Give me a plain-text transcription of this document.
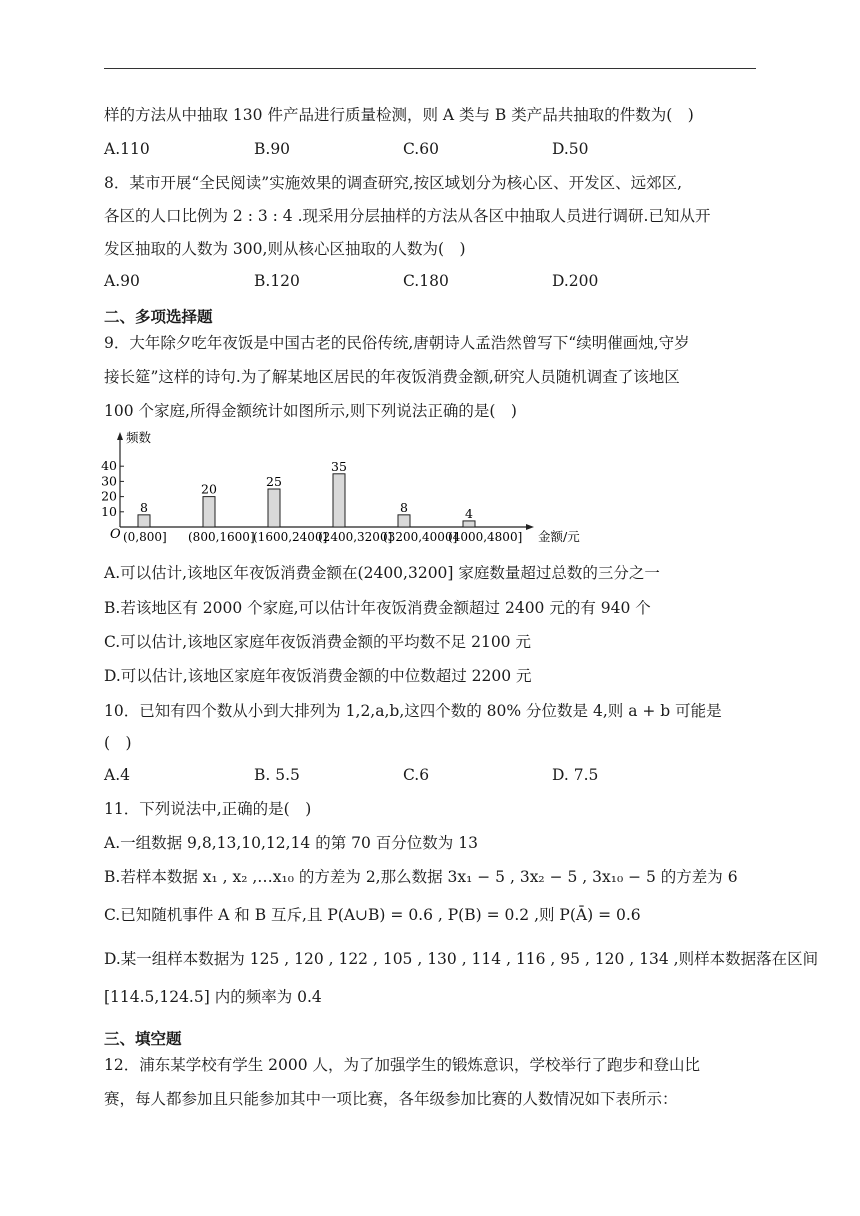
样的方法从中抽取 130 件产品进行质量检测，则 A 类与 B 类产品共抽取的件数为(　)
A.110	B.90	C.60	D.50
8．某市开展“全民阅读”实施效果的调查研究,按区域划分为核心区、开发区、远郊区,
各区的人口比例为 2 : 3 : 4 .现采用分层抽样的方法从各区中抽取人员进行调研.已知从开
发区抽取的人数为 300,则从核心区抽取的人数为(　)
A.90	B.120	C.180	D.200
二、多项选择题
9．大年除夕吃年夜饭是中国古老的民俗传统,唐朝诗人孟浩然曾写下“续明催画烛,守岁
接长筵”这样的诗句.为了解某地区居民的年夜饭消费金额,研究人员随机调查了该地区
100 个家庭,所得金额统计如图所示,则下列说法正确的是(　)
频数
O
10
20
30
40
8
(0,800]
20
(800,1600]
25
(1600,2400]
35
(2400,3200]
8
(3200,4000]
4
(4000,4800] 金额/元
A.可以估计,该地区年夜饭消费金额在(2400,3200] 家庭数量超过总数的三分之一
B.若该地区有 2000 个家庭,可以估计年夜饭消费金额超过 2400 元的有 940 个
C.可以估计,该地区家庭年夜饭消费金额的平均数不足 2100 元
D.可以估计,该地区家庭年夜饭消费金额的中位数超过 2200 元
10．已知有四个数从小到大排列为 1,2,a,b,这四个数的 80% 分位数是 4,则 a + b 可能是
(　)
A.4	B. 5.5	C.6	D. 7.5
11．下列说法中,正确的是(　)
A.一组数据 9,8,13,10,12,14 的第 70 百分位数为 13
B.若样本数据 x₁ , x₂ ,…x₁₀ 的方差为 2,那么数据 3x₁ − 5 , 3x₂ − 5 , 3x₁₀ − 5 的方差为 6
C.已知随机事件 A 和 B 互斥,且 P(A∪B) = 0.6 , P(B) = 0.2 ,则 P(Ā) = 0.6
D.某一组样本数据为 125 , 120 , 122 , 105 , 130 , 114 , 116 , 95 , 120 , 134 ,则样本数据落在区间
[114.5,124.5] 内的频率为 0.4
三、填空题
12．浦东某学校有学生 2000 人，为了加强学生的锻炼意识，学校举行了跑步和登山比
赛，每人都参加且只能参加其中一项比赛，各年级参加比赛的人数情况如下表所示：
